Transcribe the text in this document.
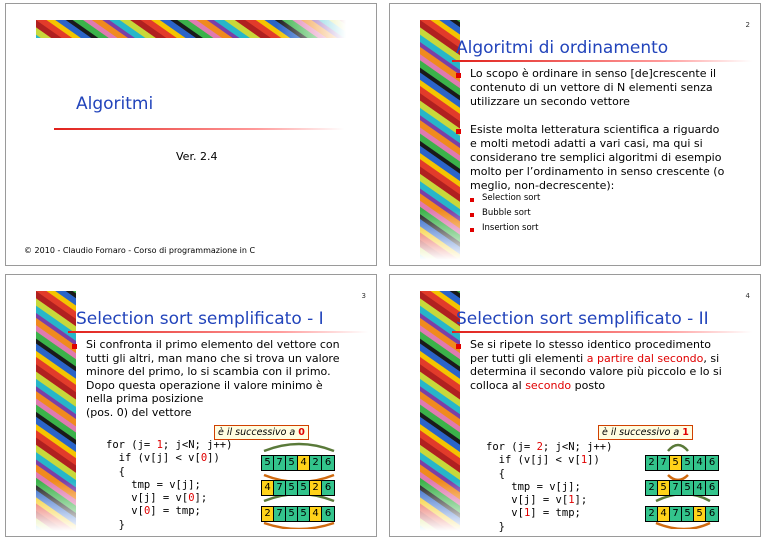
Algoritmi
Ver. 2.4
© 2010 - Claudio Fornaro - Corso di programmazione in C
2
Algoritmi di ordinamento
Lo scopo è ordinare in senso [de]crescente il
contenuto di un vettore di N elementi senza
utilizzare un secondo vettore
Esiste molta letteratura scientifica a riguardo
e molti metodi adatti a vari casi, ma qui si
considerano tre semplici algoritmi di esempio
molto per l’ordinamento in senso crescente (o
meglio, non-decrescente):
Selection sort
Bubble sort
Insertion sort
3
Selection sort semplificato - I
Si confronta il primo elemento del vettore con
tutti gli altri, man mano che si trova un valore
minore del primo, lo si scambia con il primo.
Dopo questa operazione il valore minimo è
nella prima posizione
(pos. 0) del vettore
è il successivo a 0
for (j= 1; j<N; j++)
if (v[j] < v[0])
{
tmp = v[j];
v[j] = v[0];
v[0] = tmp;
}
5 7 5 4 2 6
4 7 5 5 2 6
2 7 5 5 4 6
4
Selection sort semplificato - II
Se si ripete lo stesso identico procedimento
per tutti gli elementi a partire dal secondo, si
determina il secondo valore più piccolo e lo si
colloca al secondo posto
è il successivo a 1
for (j= 2; j<N; j++)
if (v[j] < v[1])
{
tmp = v[j];
v[j] = v[1];
v[1] = tmp;
}
2 7 5 5 4 6
2 5 7 5 4 6
2 4 7 5 5 6
